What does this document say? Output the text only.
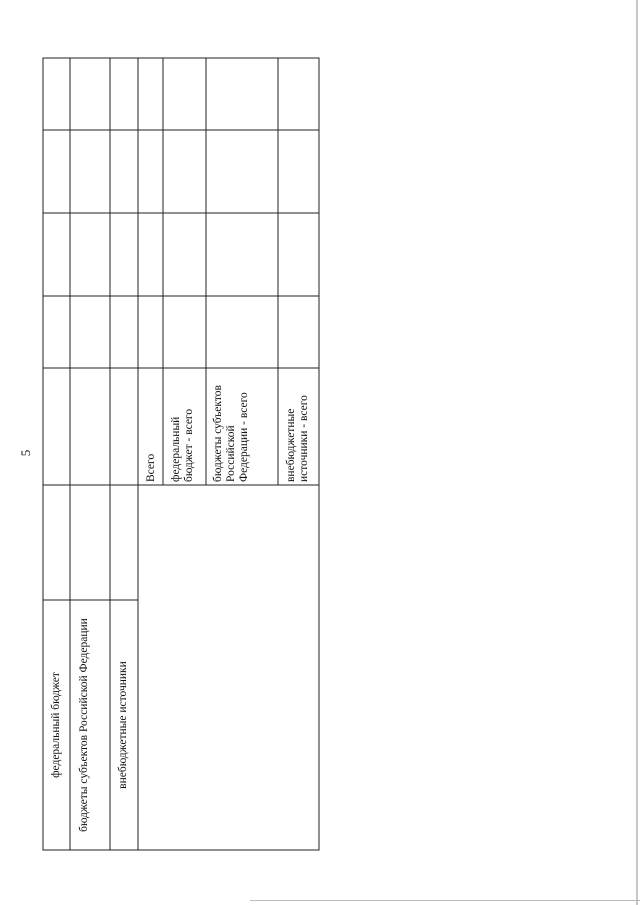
5
федеральный бюджет бюджеты субъектов Российской Федерации	внебюджетные источники
Всего федеральный бюджет - всего бюджеты субъектов Российской Федерации - всего	внебюджетные источники - всего
